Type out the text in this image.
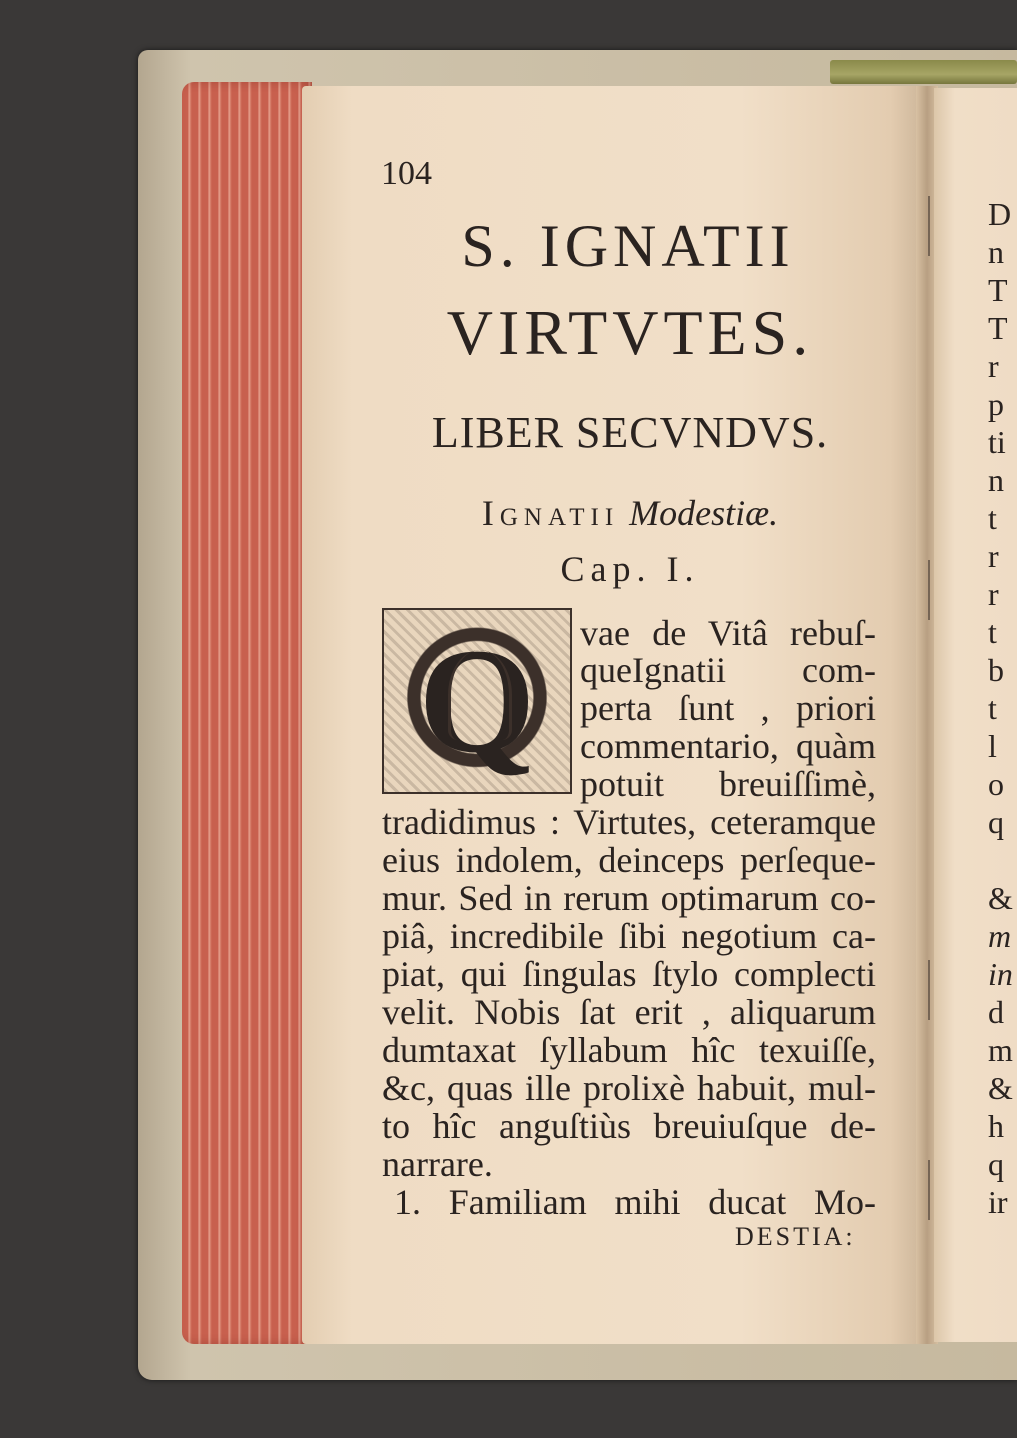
104
S. IGNATII
VIRTVTES.
LIBER SECVNDVS.
Ignatii Modestiæ.
Cap. I.
Q vae de Vitâ rebuſ-
queIgnatii com-
perta ſunt , priori
commentario, quàm
potuit breuiſſimè,
tradidimus : Virtutes, ceteramque
eius indolem, deinceps perſeque-
mur. Sed in rerum optimarum co-
piâ, incredibile ſibi negotium ca-
piat, qui ſingulas ſtylo complecti
velit. Nobis ſat erit , aliquarum
dumtaxat ſyllabum hîc texuiſſe,
&c, quas ille prolixè habuit, mul-
to hîc anguſtiùs breuiuſque de-
narrare.
1. Familiam mihi ducat Mo-
DESTIA:
D
n
T
T
r
p
ti
n
t
r
r
t
b
t
l
o
q
&
m
in
d
m
&
h
q
ir
